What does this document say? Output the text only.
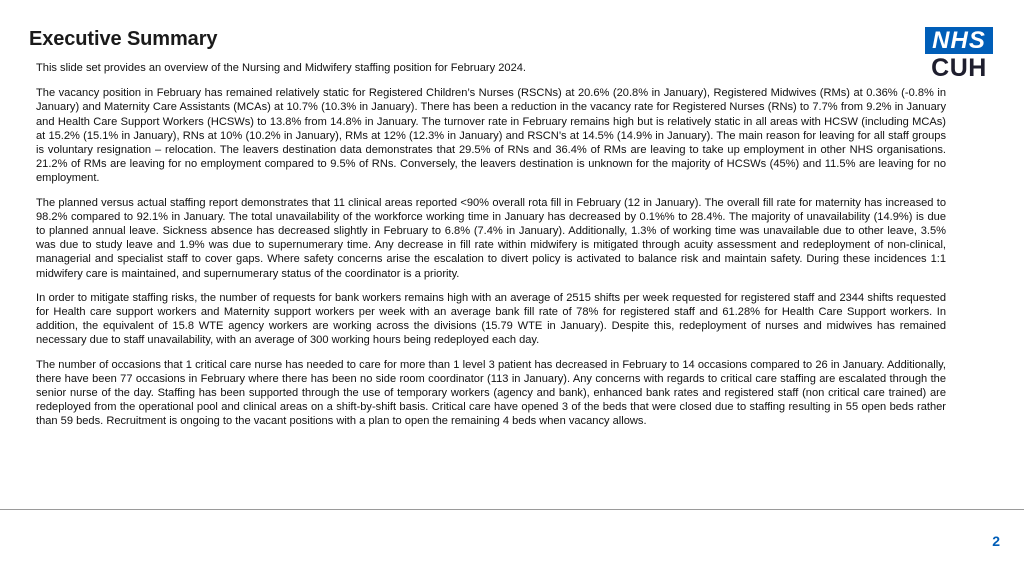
Executive Summary	NHS
CUH

This slide set provides an overview of the Nursing and Midwifery staffing position for February 2024.

The vacancy position in February has remained relatively static for Registered Children’s Nurses (RSCNs) at 20.6% (20.8% in January), Registered Midwives (RMs) at 0.36% (-0.8% in January) and Maternity Care Assistants (MCAs) at 10.7% (10.3% in January). There has been a reduction in the vacancy rate for Registered Nurses (RNs) to 7.7% from 9.2% in January and Health Care Support Workers (HCSWs) to 13.8% from 14.8% in January. The turnover rate in February remains high but is relatively static in all areas with HCSW (including MCAs) at 15.2% (15.1% in January), RNs at 10% (10.2% in January), RMs at 12% (12.3% in January) and RSCN’s at 14.5% (14.9% in January). The main reason for leaving for all staff groups is voluntary resignation – relocation. The leavers destination data demonstrates that 29.5% of RNs and 36.4% of RMs are leaving to take up employment in other NHS organisations. 21.2% of RMs are leaving for no employment compared to 9.5% of RNs. Conversely, the leavers destination is unknown for the majority of HCSWs (45%) and 11.5% are leaving for no employment.

The planned versus actual staffing report demonstrates that 11 clinical areas reported <90% overall rota fill in February (12 in January). The overall fill rate for maternity has increased to 98.2% compared to 92.1% in January. The total unavailability of the workforce working time in January has decreased by 0.1%% to 28.4%. The majority of unavailability (14.9%) is due to planned annual leave. Sickness absence has decreased slightly in February to 6.8% (7.4% in January). Additionally, 1.3% of working time was unavailable due to other leave, 3.5% was due to study leave and 1.9% was due to supernumerary time. Any decrease in fill rate within midwifery is mitigated through acuity assessment and redeployment of non-clinical, managerial and specialist staff to cover gaps. Where safety concerns arise the escalation to divert policy is activated to balance risk and maintain safety. During these incidences 1:1 midwifery care is maintained, and supernumerary status of the coordinator is a priority.

In order to mitigate staffing risks, the number of requests for bank workers remains high with an average of 2515 shifts per week requested for registered staff and 2344 shifts requested for Health care support workers and Maternity support workers per week with an average bank fill rate of 78% for registered staff and 61.28% for Health Care Support workers. In addition, the equivalent of 15.8 WTE agency workers are working across the divisions (15.79 WTE in January). Despite this, redeployment of nurses and midwives has remained necessary due to staff unavailability, with an average of 300 working hours being redeployed each day.

The number of occasions that 1 critical care nurse has needed to care for more than 1 level 3 patient has decreased in February to 14 occasions compared to 26 in January. Additionally, there have been 77 occasions in February where there has been no side room coordinator (113 in January). Any concerns with regards to critical care staffing are escalated through the senior nurse of the day. Staffing has been supported through the use of temporary workers (agency and bank), enhanced bank rates and registered staff (non critical care trained) are redeployed from the operational pool and clinical areas on a shift-by-shift basis. Critical care have opened 3 of the beds that were closed due to staffing resulting in 55 open beds rather than 59 beds. Recruitment is ongoing to the vacant positions with a plan to open the remaining 4 beds when vacancy allows.

2
